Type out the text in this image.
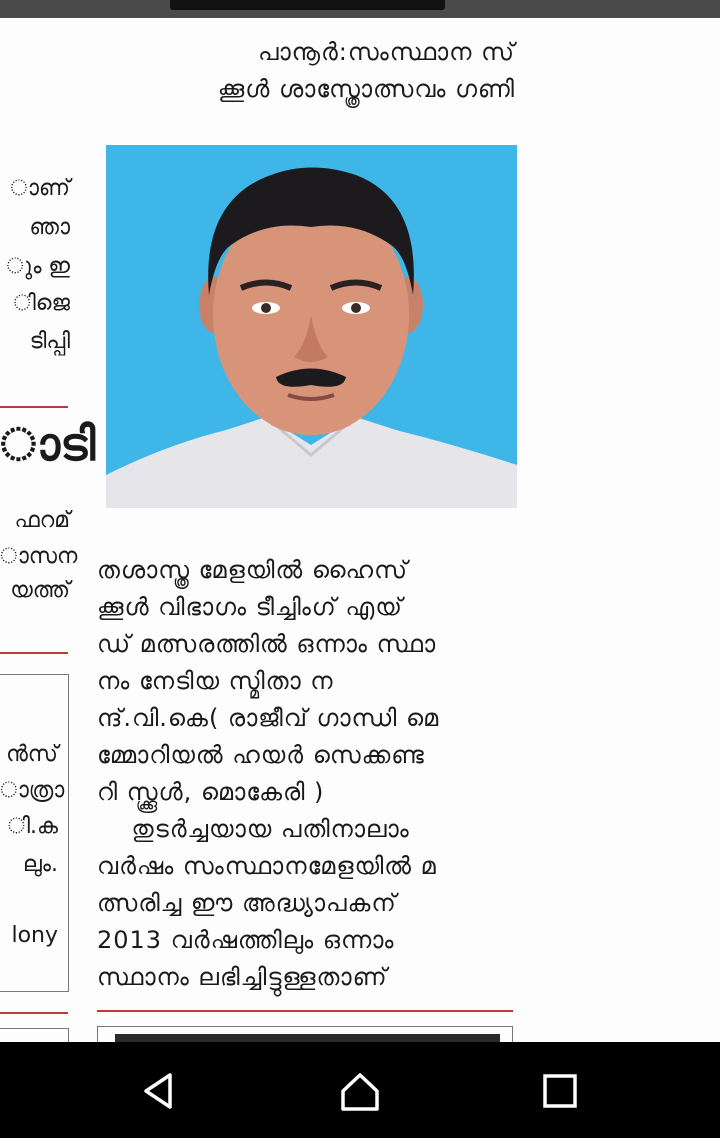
ാണ്
ഞാ
ും ഇ
ിജെ
ടിപ്പി
ാടി
ഫറമ്
ാസന
യത്ത്
ൻസ്
ാത്രാ
ി.ക
ലും.
lony
പാനൂർ:സംസ്ഥാന സ്
ക്കൂൾ ശാസ്ത്രോത്സവം ഗണി
തശാസ്ത്ര മേളയിൽ ഹൈസ്
ക്കൂൾ വിഭാഗം ടീച്ചിംഗ് എയ്
ഡ് മത്സരത്തിൽ ഒന്നാം സ്ഥാ
നം നേടിയ സ്മിതാ ന
ന്ദ്.വി.കെ( രാജീവ് ഗാന്ധി മെ
മ്മോറിയൽ ഹയർ സെക്കണ്ട
റി സ്ക്കൂൾ, മൊകേരി )
തുടർച്ചയായ പതിനാലാം
വർഷം സംസ്ഥാനമേളയിൽ മ
ത്സരിച്ച ഈ അദ്ധ്യാപകന്
2013 വർഷത്തിലും ഒന്നാം
സ്ഥാനം ലഭിച്ചിട്ടുള്ളതാണ്
